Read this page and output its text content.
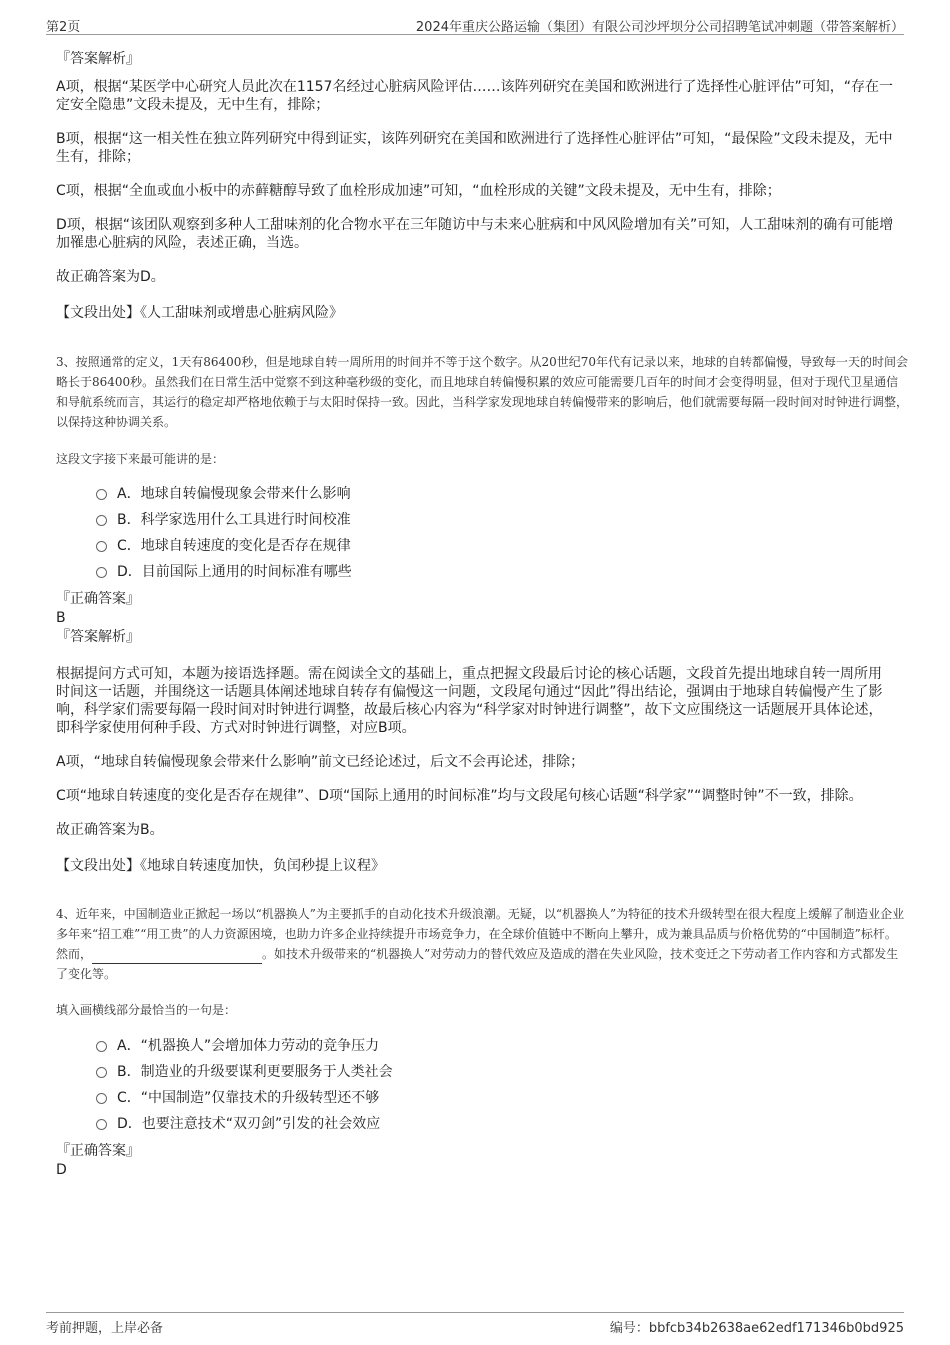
第2页	2024年重庆公路运输（集团）有限公司沙坪坝分公司招聘笔试冲刺题（带答案解析）
『答案解析』

A项，根据“某医学中心研究人员此次在1157名经过心脏病风险评估……该阵列研究在美国和欧洲进行了选择性心脏评估”可知，“存在一定安全隐患”文段未提及，无中生有，排除；

B项，根据“这一相关性在独立阵列研究中得到证实，该阵列研究在美国和欧洲进行了选择性心脏评估”可知，“最保险”文段未提及，无中生有，排除；

C项，根据“全血或血小板中的赤藓糖醇导致了血栓形成加速”可知，“血栓形成的关键”文段未提及，无中生有，排除；

D项，根据“该团队观察到多种人工甜味剂的化合物水平在三年随访中与未来心脏病和中风风险增加有关”可知，人工甜味剂的确有可能增加罹患心脏病的风险，表述正确，当选。

故正确答案为D。

【文段出处】《人工甜味剂或增患心脏病风险》

3、按照通常的定义，1天有86400秒，但是地球自转一周所用的时间并不等于这个数字。从20世纪70年代有记录以来，地球的自转都偏慢，导致每一天的时间会略长于86400秒。虽然我们在日常生活中觉察不到这种毫秒级的变化，而且地球自转偏慢积累的效应可能需要几百年的时间才会变得明显，但对于现代卫星通信和导航系统而言，其运行的稳定却严格地依赖于与太阳时保持一致。因此，当科学家发现地球自转偏慢带来的影响后，他们就需要每隔一段时间对时钟进行调整，以保持这种协调关系。
这段文字接下来最可能讲的是：
A．地球自转偏慢现象会带来什么影响
B．科学家选用什么工具进行时间校准
C．地球自转速度的变化是否存在规律
D．目前国际上通用的时间标准有哪些
『正确答案』
B
『答案解析』

根据提问方式可知，本题为接语选择题。需在阅读全文的基础上，重点把握文段最后讨论的核心话题，文段首先提出地球自转一周所用时间这一话题，并围绕这一话题具体阐述地球自转存有偏慢这一问题，文段尾句通过“因此”得出结论，强调由于地球自转偏慢产生了影响，科学家们需要每隔一段时间对时钟进行调整，故最后核心内容为“科学家对时钟进行调整”，故下文应围绕这一话题展开具体论述，即科学家使用何种手段、方式对时钟进行调整，对应B项。

A项，“地球自转偏慢现象会带来什么影响”前文已经论述过，后文不会再论述，排除；

C项“地球自转速度的变化是否存在规律”、D项“国际上通用的时间标准”均与文段尾句核心话题“科学家”“调整时钟”不一致，排除。

故正确答案为B。

【文段出处】《地球自转速度加快，负闰秒提上议程》

4、近年来，中国制造业正掀起一场以“机器换人”为主要抓手的自动化技术升级浪潮。无疑，以“机器换人”为特征的技术升级转型在很大程度上缓解了制造业企业多年来“招工难”“用工贵”的人力资源困境，也助力许多企业持续提升市场竞争力，在全球价值链中不断向上攀升，成为兼具品质与价格优势的“中国制造”标杆。然而，	。如技术升级带来的“机器换人”对劳动力的替代效应及造成的潜在失业风险，技术变迁之下劳动者工作内容和方式都发生了变化等。
填入画横线部分最恰当的一句是：
A．“机器换人”会增加体力劳动的竞争压力
B．制造业的升级要谋利更要服务于人类社会
C．“中国制造”仅靠技术的升级转型还不够
D．也要注意技术“双刃剑”引发的社会效应
『正确答案』
D
考前押题，上岸必备	编号：bbfcb34b2638ae62edf171346b0bd925
